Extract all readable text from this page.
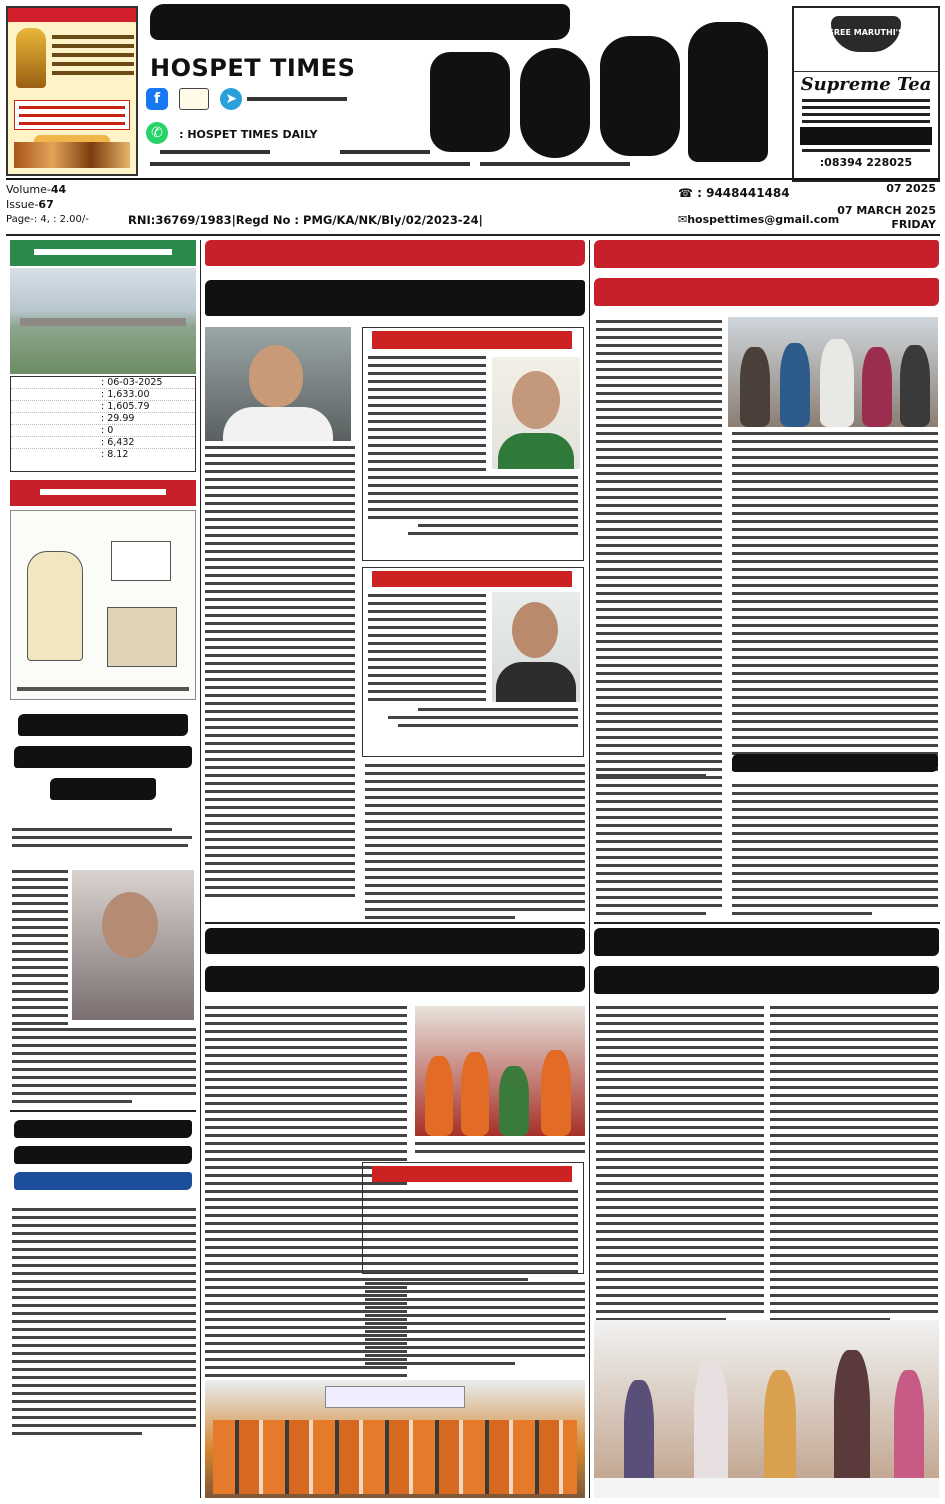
HOSPET TIMES
f	➤
✆ : HOSPET TIMES DAILY
SREE MARUTHI'S
Supreme Tea
:08394 228025
Volume-44
Issue-67
Page-: 4, : 2.00/-
☎ : 9448441484	07 2025
07 MARCH 2025
FRIDAY
RNI:36769/1983|Regd No : PMG/KA/NK/Bly/02/2023-24|	✉hospettimes@gmail.com
: 06-03-2025
: 1,633.00
: 1,605.79
: 29.99
: 0
: 6,432
: 8.12
